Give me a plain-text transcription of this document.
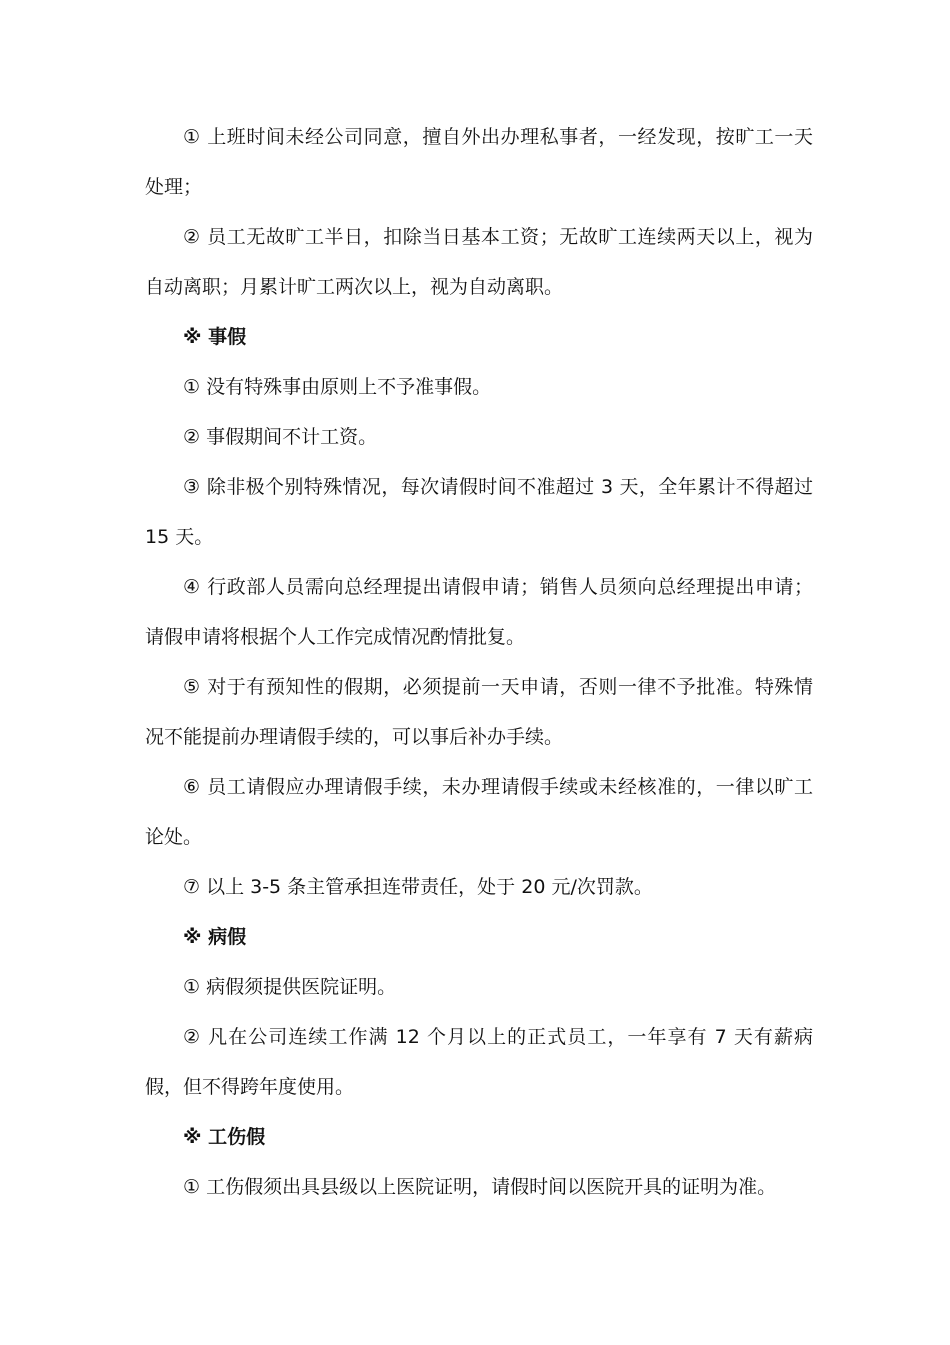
① 上班时间未经公司同意，擅自外出办理私事者，一经发现，按旷工一天处理；

② 员工无故旷工半日，扣除当日基本工资；无故旷工连续两天以上，视为自动离职；月累计旷工两次以上，视为自动离职。

※ 事假

① 没有特殊事由原则上不予准事假。

② 事假期间不计工资。

③ 除非极个别特殊情况，每次请假时间不准超过 3 天，全年累计不得超过 15 天。

④ 行政部人员需向总经理提出请假申请；销售人员须向总经理提出申请；请假申请将根据个人工作完成情况酌情批复。

⑤ 对于有预知性的假期，必须提前一天申请，否则一律不予批准。特殊情况不能提前办理请假手续的，可以事后补办手续。

⑥ 员工请假应办理请假手续，未办理请假手续或未经核准的，一律以旷工论处。

⑦ 以上 3-5 条主管承担连带责任，处于 20 元/次罚款。

※ 病假

① 病假须提供医院证明。

② 凡在公司连续工作满 12 个月以上的正式员工，一年享有 7 天有薪病假，但不得跨年度使用。

※ 工伤假

① 工伤假须出具县级以上医院证明，请假时间以医院开具的证明为准。
